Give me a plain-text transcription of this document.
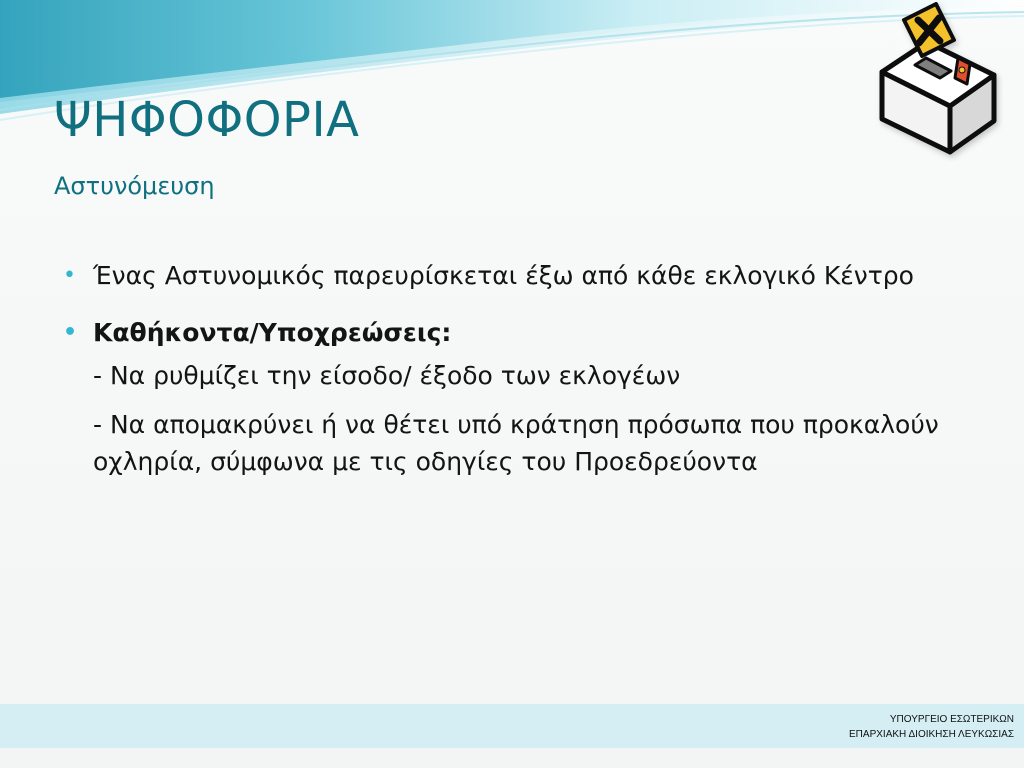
ΨΗΦΟΦΟΡΙΑ
Αστυνόμευση

• Ένας Αστυνομικός παρευρίσκεται έξω από κάθε εκλογικό Κέντρο

• Καθήκοντα/Υποχρεώσεις:

- Να ρυθμίζει την είσοδο/ έξοδο των εκλογέων

- Να απομακρύνει ή να θέτει υπό κράτηση πρόσωπα που προκαλούν οχληρία, σύμφωνα με τις οδηγίες του Προεδρεύοντα

ΥΠΟΥΡΓΕΙΟ ΕΣΩΤΕΡΙΚΩΝ
ΕΠΑΡΧΙΑΚΗ ΔΙΟΙΚΗΣΗ ΛΕΥΚΩΣΙΑΣ
